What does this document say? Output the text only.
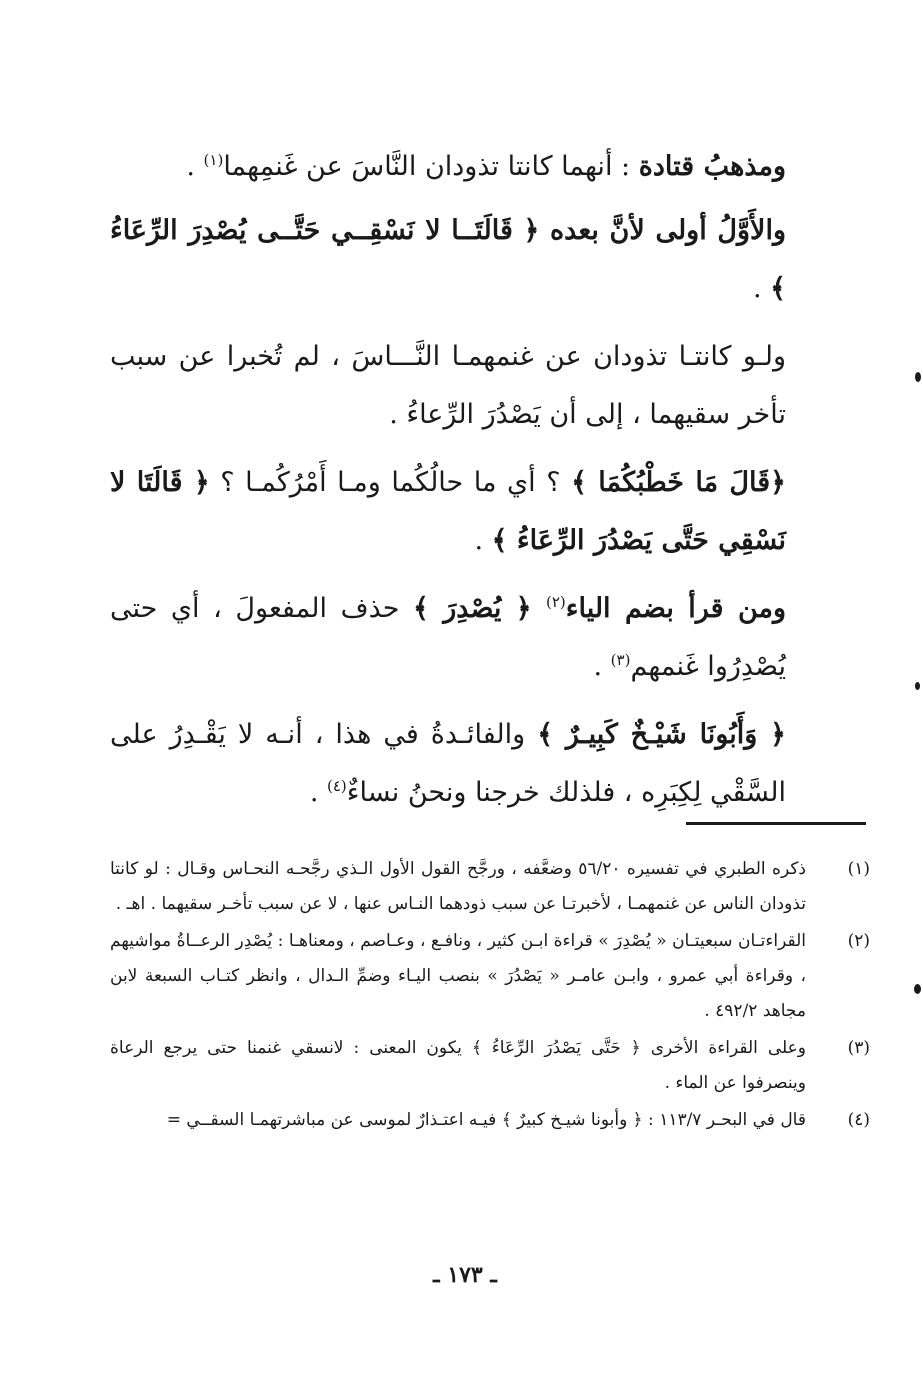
ومذهبُ قتادة : أنهما كانتا تذودان النَّاسَ عن غَنمِهما$^{(١)}$ .

والأَوَّلُ أولى لأنَّ بعده ﴿ قَالَتَــا لا نَسْقِــي حَتَّــى يُصْدِرَ الرِّعَاءُ ﴾ .

ولـو كانتـا تذودان عن غنمهمـا النَّـــاسَ ، لم تُخبرا عن سبب تأخر سقيهما ، إلى أن يَصْدُرَ الرِّعاءُ .

﴿قَالَ مَا خَطْبُكُمَا ﴾ ؟ أي ما حالُكُما ومـا أَمْرُكُمـا ؟ ﴿ قَالَتَا لا نَسْقِي حَتَّى يَصْدُرَ الرِّعَاءُ ﴾ .

ومن قرأ بضم الياء$^{(٢)}$ ﴿ يُصْدِرَ ﴾ حذف المفعولَ ، أي حتى يُصْدِرُوا غَنمهم$^{(٣)}$ .

﴿ وَأَبُونَا شَيْـخٌ كَبِيـرٌ ﴾ والفائـدةُ في هذا ، أنـه لا يَقْـدِرُ على السَّقْي لِكِبَرِه ، فلذلك خرجنا ونحنُ نساءٌ$^{(٤)}$ .

(١)
ذكره الطبري في تفسيره ٥٦/٢٠ وضعَّفه ، ورجَّح القول الأول الـذي رجَّحـه النحـاس وقـال : لو كانتا تذودان الناس عن غنمهمـا ، لأخبرتـا عن سبب ذودهما النـاس عنها ، لا عن سبب تأخـر سقيهما . اهـ .
(٢)
القراءتـان سبعيتـان « يُصْدِرَ » قراءة ابـن كثير ، ونافـع ، وعـاصم ، ومعناهـا : يُصْدِر الرعــاةُ مواشيهم ، وقراءة أبي عمرو ، وابـن عامـر « يَصْدُرَ » بنصب اليـاء وضمِّ الـدال ، وانظر كتـاب السبعة لابن مجاهد ٤٩٢/٢ .
(٣)
وعلى القراءة الأخرى ﴿ حَتَّى يَصْدُرَ الرِّعَاءُ ﴾ يكون المعنى : لانسقي غنمنا حتى يرجع الرعاة وينصرفوا عن الماء .
(٤)
قال في البحـر ١١٣/٧ : ﴿ وأبونا شيـخ كبيرٌ ﴾ فيـه اعتـذارٌ لموسى عن مباشرتهمـا السقــي =
ـ ١٧٣ ـ
